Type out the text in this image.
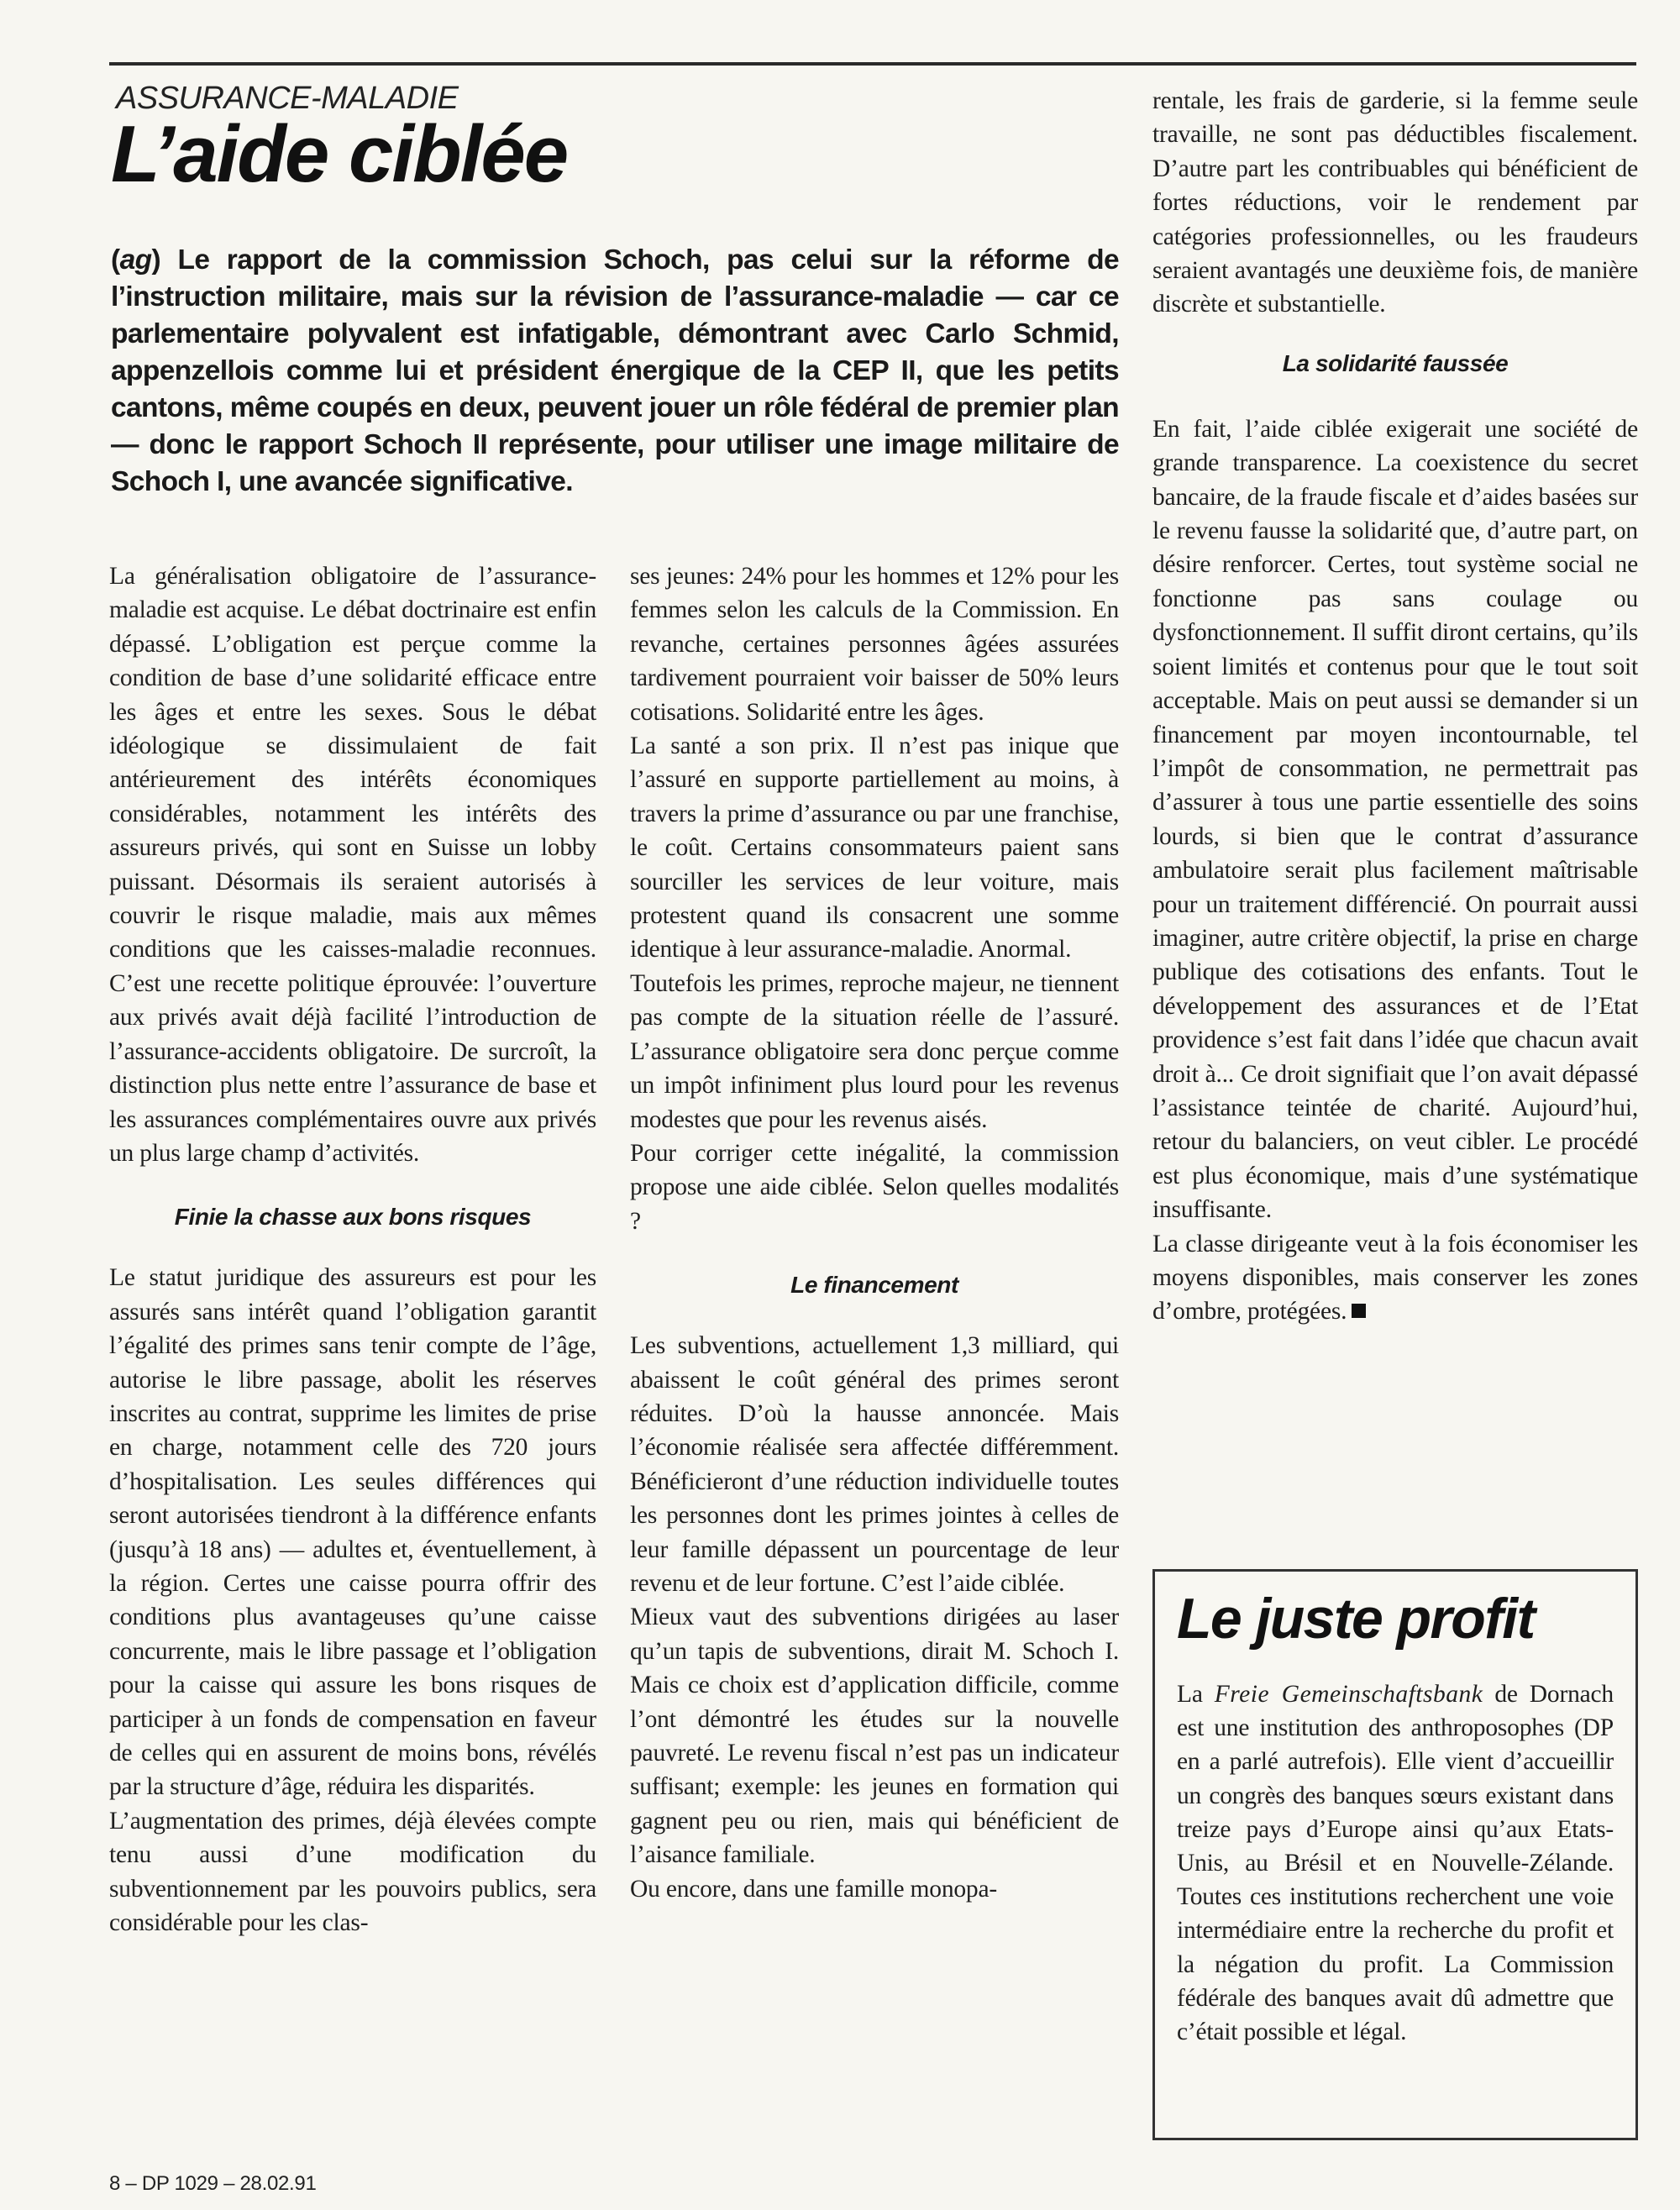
ASSURANCE-MALADIE
L’aide ciblée

(ag) Le rapport de la commission Schoch, pas celui sur la réforme de l’instruction militaire, mais sur la révision de l’assurance-maladie — car ce parlementaire polyvalent est infatigable, démontrant avec Carlo Schmid, appenzellois comme lui et président énergique de la CEP II, que les petits cantons, même coupés en deux, peuvent jouer un rôle fédéral de premier plan — donc le rapport Schoch II représente, pour utiliser une image militaire de Schoch I, une avancée significative.

La généralisation obligatoire de l’assurance-maladie est acquise. Le débat doctrinaire est enfin dépassé. L’obligation est perçue comme la condition de base d’une solidarité efficace entre les âges et entre les sexes. Sous le débat idéologique se dissimulaient de fait antérieurement des intérêts économiques considérables, notamment les intérêts des assureurs privés, qui sont en Suisse un lobby puissant. Désormais ils seraient autorisés à couvrir le risque maladie, mais aux mêmes conditions que les caisses-maladie reconnues. C’est une recette politique éprouvée: l’ouverture aux privés avait déjà facilité l’introduction de l’assurance-accidents obligatoire. De surcroît, la distinction plus nette entre l’assurance de base et les assurances complémentaires ouvre aux privés un plus large champ d’activités.

Finie la chasse aux bons risques

Le statut juridique des assureurs est pour les assurés sans intérêt quand l’obligation garantit l’égalité des primes sans tenir compte de l’âge, autorise le libre passage, abolit les réserves inscrites au contrat, supprime les limites de prise en charge, notamment celle des 720 jours d’hospitalisation. Les seules différences qui seront autorisées tiendront à la différence enfants (jusqu’à 18 ans) — adultes et, éventuellement, à la région. Certes une caisse pourra offrir des conditions plus avantageuses qu’une caisse concurrente, mais le libre passage et l’obligation pour la caisse qui assure les bons risques de participer à un fonds de compensation en faveur de celles qui en assurent de moins bons, révélés par la structure d’âge, réduira les disparités.

L’augmentation des primes, déjà élevées compte tenu aussi d’une modification du subventionnement par les pouvoirs publics, sera considérable pour les clas-

ses jeunes: 24% pour les hommes et 12% pour les femmes selon les calculs de la Commission. En revanche, certaines personnes âgées assurées tardivement pourraient voir baisser de 50% leurs cotisations. Solidarité entre les âges.

La santé a son prix. Il n’est pas inique que l’assuré en supporte partiellement au moins, à travers la prime d’assurance ou par une franchise, le coût. Certains consommateurs paient sans sourciller les services de leur voiture, mais protestent quand ils consacrent une somme identique à leur assurance-maladie. Anormal.

Toutefois les primes, reproche majeur, ne tiennent pas compte de la situation réelle de l’assuré. L’assurance obligatoire sera donc perçue comme un impôt infiniment plus lourd pour les revenus modestes que pour les revenus aisés.

Pour corriger cette inégalité, la commission propose une aide ciblée. Selon quelles modalités ?

Le financement

Les subventions, actuellement 1,3 milliard, qui abaissent le coût général des primes seront réduites. D’où la hausse annoncée. Mais l’économie réalisée sera affectée différemment. Bénéficieront d’une réduction individuelle toutes les personnes dont les primes jointes à celles de leur famille dépassent un pourcentage de leur revenu et de leur fortune. C’est l’aide ciblée.

Mieux vaut des subventions dirigées au laser qu’un tapis de subventions, dirait M. Schoch I. Mais ce choix est d’application difficile, comme l’ont démontré les études sur la nouvelle pauvreté. Le revenu fiscal n’est pas un indicateur suffisant; exemple: les jeunes en formation qui gagnent peu ou rien, mais qui bénéficient de l’aisance familiale.

Ou encore, dans une famille monopa-

rentale, les frais de garderie, si la femme seule travaille, ne sont pas déductibles fiscalement. D’autre part les contribuables qui bénéficient de fortes réductions, voir le rendement par catégories professionnelles, ou les fraudeurs seraient avantagés une deuxième fois, de manière discrète et substantielle.

La solidarité faussée

En fait, l’aide ciblée exigerait une société de grande transparence. La coexistence du secret bancaire, de la fraude fiscale et d’aides basées sur le revenu fausse la solidarité que, d’autre part, on désire renforcer. Certes, tout système social ne fonctionne pas sans coulage ou dysfonctionnement. Il suffit diront certains, qu’ils soient limités et contenus pour que le tout soit acceptable. Mais on peut aussi se demander si un financement par moyen incontournable, tel l’impôt de consommation, ne permettrait pas d’assurer à tous une partie essentielle des soins lourds, si bien que le contrat d’assurance ambulatoire serait plus facilement maîtrisable pour un traitement différencié. On pourrait aussi imaginer, autre critère objectif, la prise en charge publique des cotisations des enfants. Tout le développement des assurances et de l’Etat providence s’est fait dans l’idée que chacun avait droit à... Ce droit signifiait que l’on avait dépassé l’assistance teintée de charité. Aujourd’hui, retour du balanciers, on veut cibler. Le procédé est plus économique, mais d’une systématique insuffisante.

La classe dirigeante veut à la fois économiser les moyens disponibles, mais conserver les zones d’ombre, protégées.

Le juste profit

La Freie Gemeinschaftsbank de Dornach est une institution des anthroposophes (DP en a parlé autrefois). Elle vient d’accueillir un congrès des banques sœurs existant dans treize pays d’Europe ainsi qu’aux Etats-Unis, au Brésil et en Nouvelle-Zélande. Toutes ces institutions recherchent une voie intermédiaire entre la recherche du profit et la négation du profit. La Commission fédérale des banques avait dû admettre que c’était possible et légal.

8 – DP 1029 – 28.02.91
